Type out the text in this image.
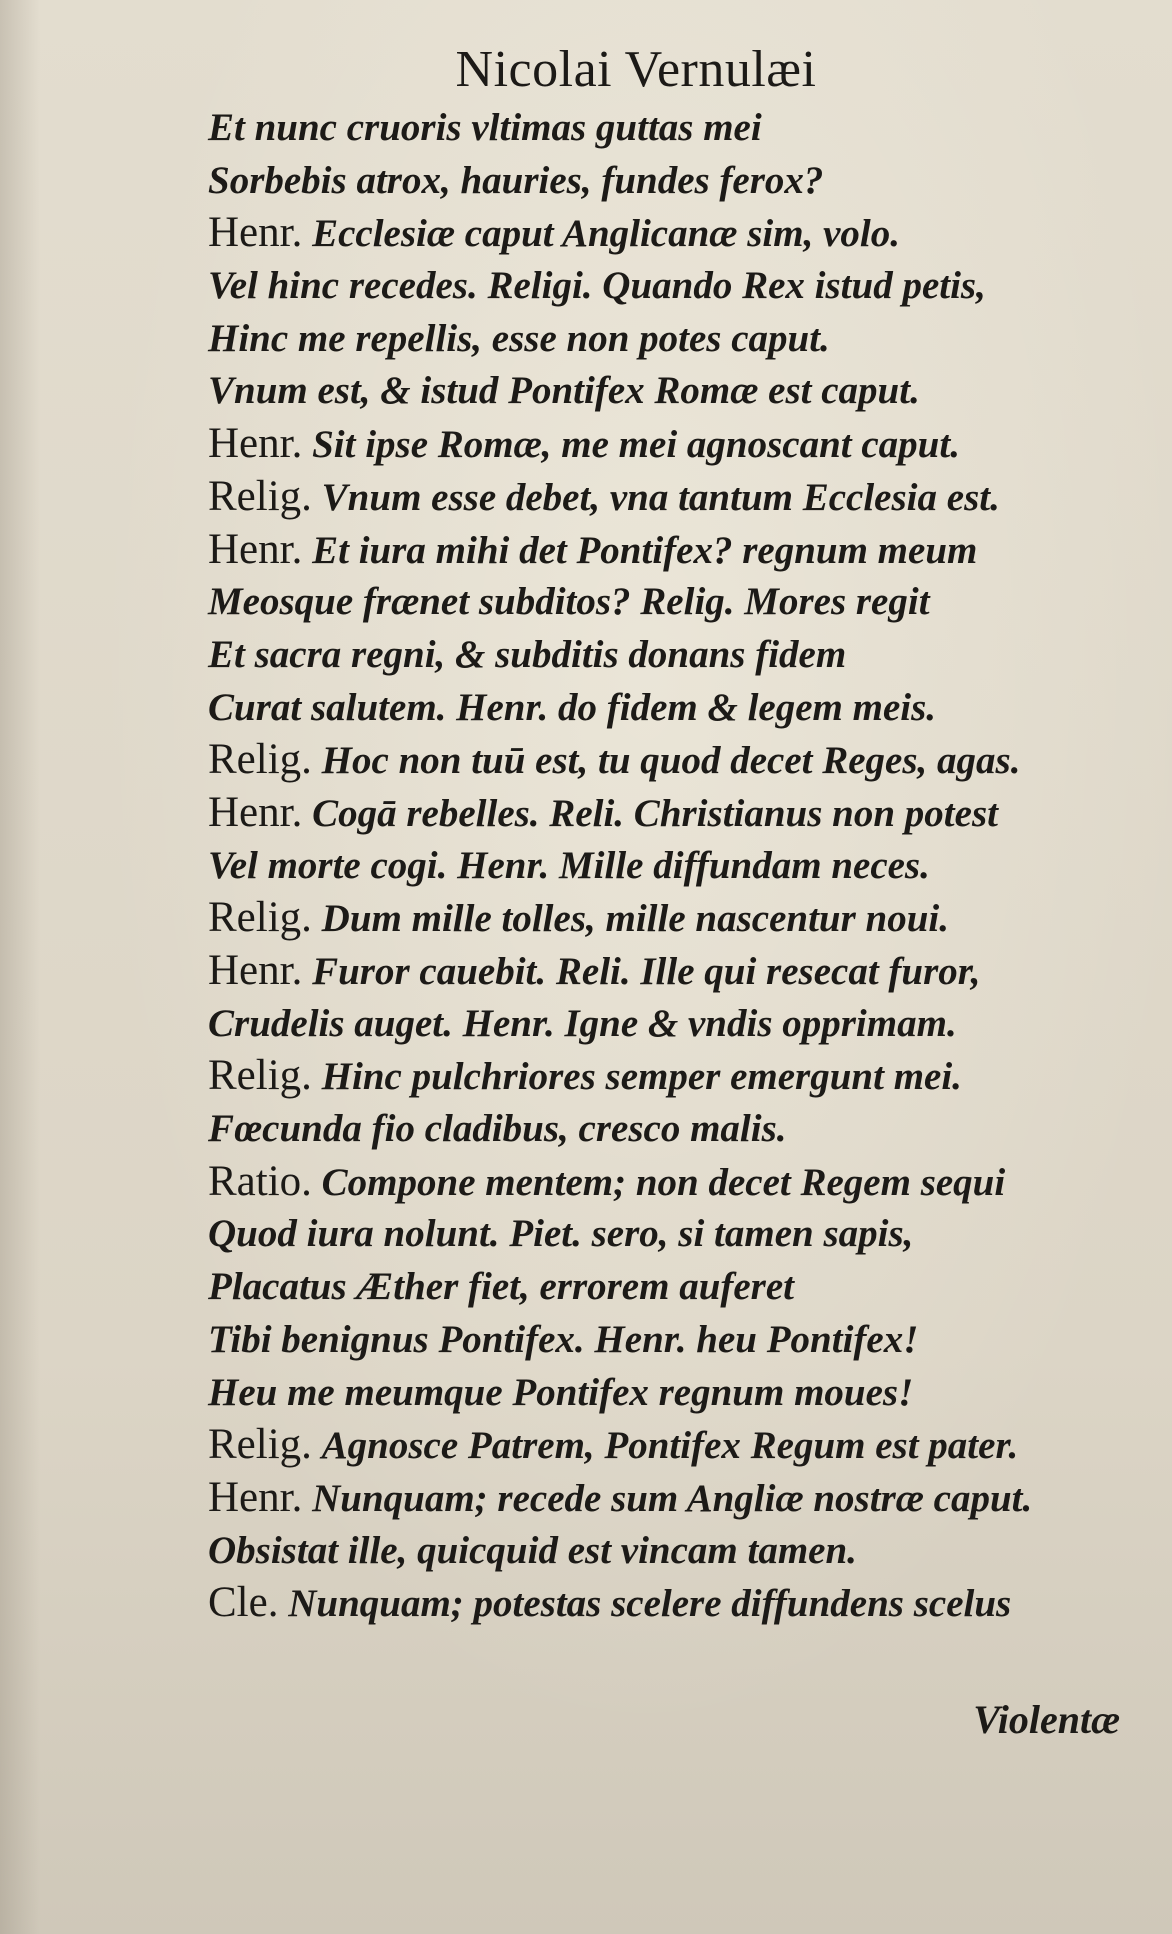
Nicolai Vernulæi
Et nunc cruoris vltimas guttas mei
Sorbebis atrox, hauries, fundes ferox?
Henr. Ecclesiæ caput Anglicanæ sim, volo.
Vel hinc recedes. Religi. Quando Rex istud petis,
Hinc me repellis, esse non potes caput.
Vnum est, & istud Pontifex Romæ est caput.
Henr. Sit ipse Romæ, me mei agnoscant caput.
Relig. Vnum esse debet, vna tantum Ecclesia est.
Henr. Et iura mihi det Pontifex? regnum meum
Meosque frænet subditos? Relig. Mores regit
Et sacra regni, & subditis donans fidem
Curat salutem. Henr. do fidem & legem meis.
Relig. Hoc non tuū est, tu quod decet Reges, agas.
Henr. Cogā rebelles. Reli. Christianus non potest
Vel morte cogi. Henr. Mille diffundam neces.
Relig. Dum mille tolles, mille nascentur noui.
Henr. Furor cauebit. Reli. Ille qui resecat furor,
Crudelis auget. Henr. Igne & vndis opprimam.
Relig. Hinc pulchriores semper emergunt mei.
Fœcunda fio cladibus, cresco malis.
Ratio. Compone mentem; non decet Regem sequi
Quod iura nolunt. Piet. sero, si tamen sapis,
Placatus Æther fiet, errorem auferet
Tibi benignus Pontifex. Henr. heu Pontifex!
Heu me meumque Pontifex regnum moues!
Relig. Agnosce Patrem, Pontifex Regum est pater.
Henr. Nunquam; recede sum Angliæ nostræ caput.
Obsistat ille, quicquid est vincam tamen.
Cle. Nunquam; potestas scelere diffundens scelus
Violentæ
